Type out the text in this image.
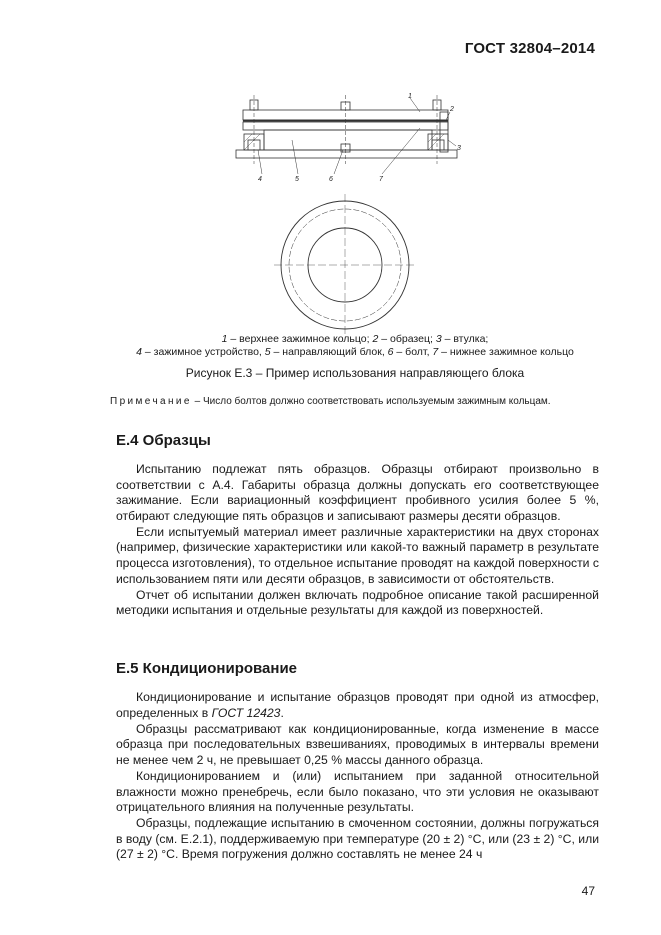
ГОСТ 32804–2014
1
2
3
4	5	6	7
1 – верхнее зажимное кольцо; 2 – образец; 3 – втулка;
4 – зажимное устройство, 5 – направляющий блок, 6 – болт, 7 – нижнее зажимное кольцо
Рисунок Е.3 – Пример использования направляющего блока
Примечание – Число болтов должно соответствовать используемым зажимным кольцам.
Е.4 Образцы

Испытанию подлежат пять образцов. Образцы отбирают произвольно в соответствии с А.4. Габариты образца должны допускать его соответствующее зажимание. Если вариационный коэффициент пробивного усилия более 5 %, отбирают следующие пять образцов и записывают размеры десяти образцов.

Если испытуемый материал имеет различные характеристики на двух сторонах (например, физические характеристики или какой-то важный параметр в результате процесса изготовления), то отдельное испытание проводят на каждой поверхности с использованием пяти или десяти образцов, в зависимости от обстоятельств.

Отчет об испытании должен включать подробное описание такой расширенной методики испытания и отдельные результаты для каждой из поверхностей.

Е.5 Кондиционирование

Кондиционирование и испытание образцов проводят при одной из атмосфер, определенных в ГОСТ 12423.

Образцы рассматривают как кондиционированные, когда изменение в массе образца при последовательных взвешиваниях, проводимых в интервалы времени не менее чем 2 ч, не превышает 0,25 % массы данного образца.

Кондиционированием и (или) испытанием при заданной относительной влажности можно пренебречь, если было показано, что эти условия не оказывают отрицательного влияния на полученные результаты.

Образцы, подлежащие испытанию в смоченном состоянии, должны погружаться в воду (см. Е.2.1), поддерживаемую при температуре (20 ± 2) °С, или (23 ± 2) °С, или (27 ± 2) °С. Время погружения должно составлять не менее 24 ч

47
